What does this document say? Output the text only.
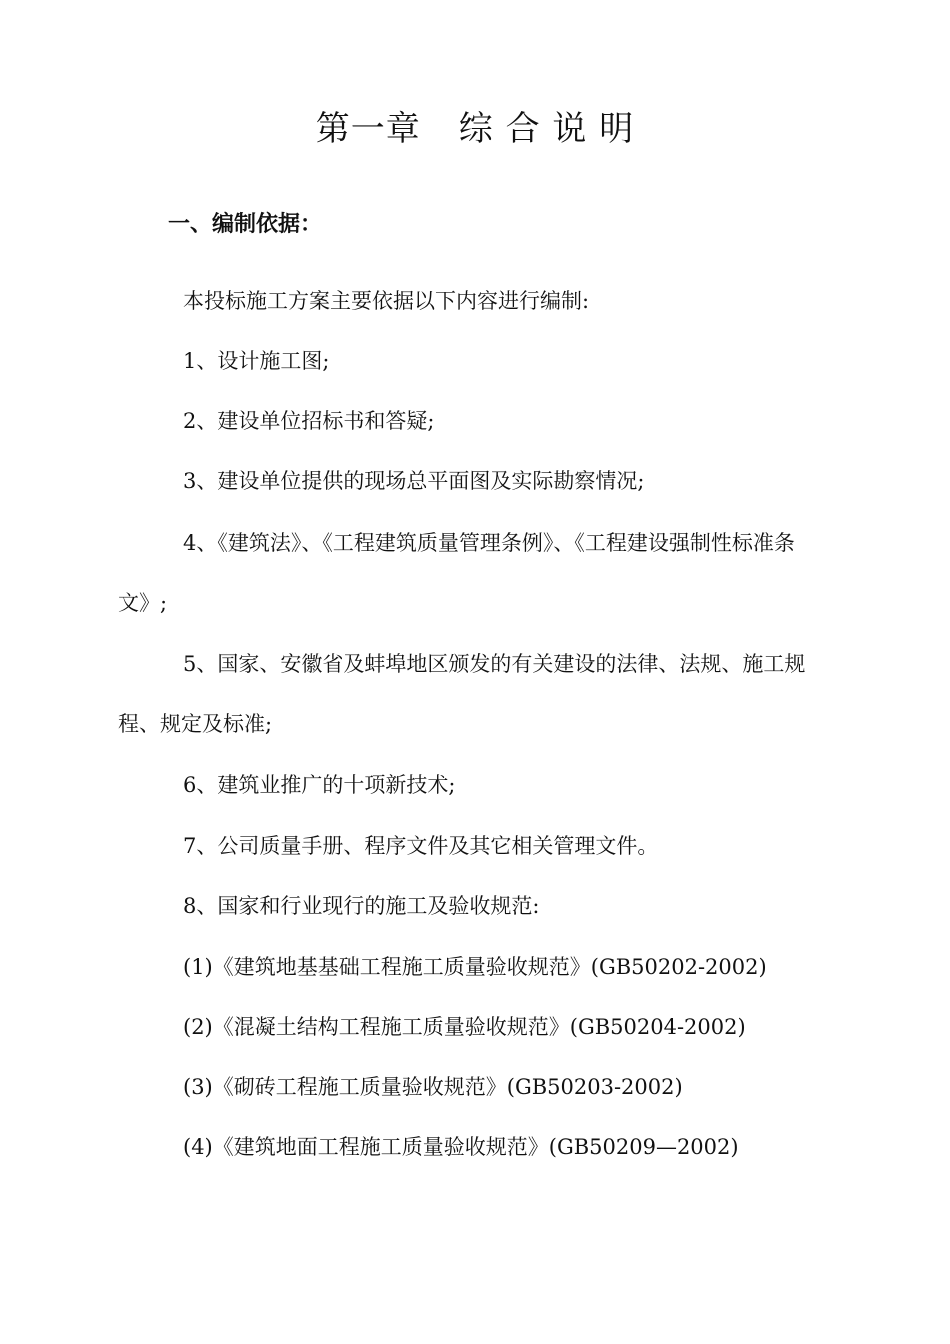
第一章 综 合 说 明
一、编制依据：

本投标施工方案主要依据以下内容进行编制:

1、设计施工图;

2、建设单位招标书和答疑;

3、建设单位提供的现场总平面图及实际勘察情况;

4、《建筑法》、《工程建筑质量管理条例》、《工程建设强制性标准条

文》;

5、国家、安徽省及蚌埠地区颁发的有关建设的法律、法规、施工规

程、规定及标准;

6、建筑业推广的十项新技术;

7、公司质量手册、程序文件及其它相关管理文件。

8、国家和行业现行的施工及验收规范:

(1)《建筑地基基础工程施工质量验收规范》(GB50202-2002)

(2)《混凝土结构工程施工质量验收规范》(GB50204-2002)

(3)《砌砖工程施工质量验收规范》(GB50203-2002)

(4)《建筑地面工程施工质量验收规范》(GB50209—2002)
